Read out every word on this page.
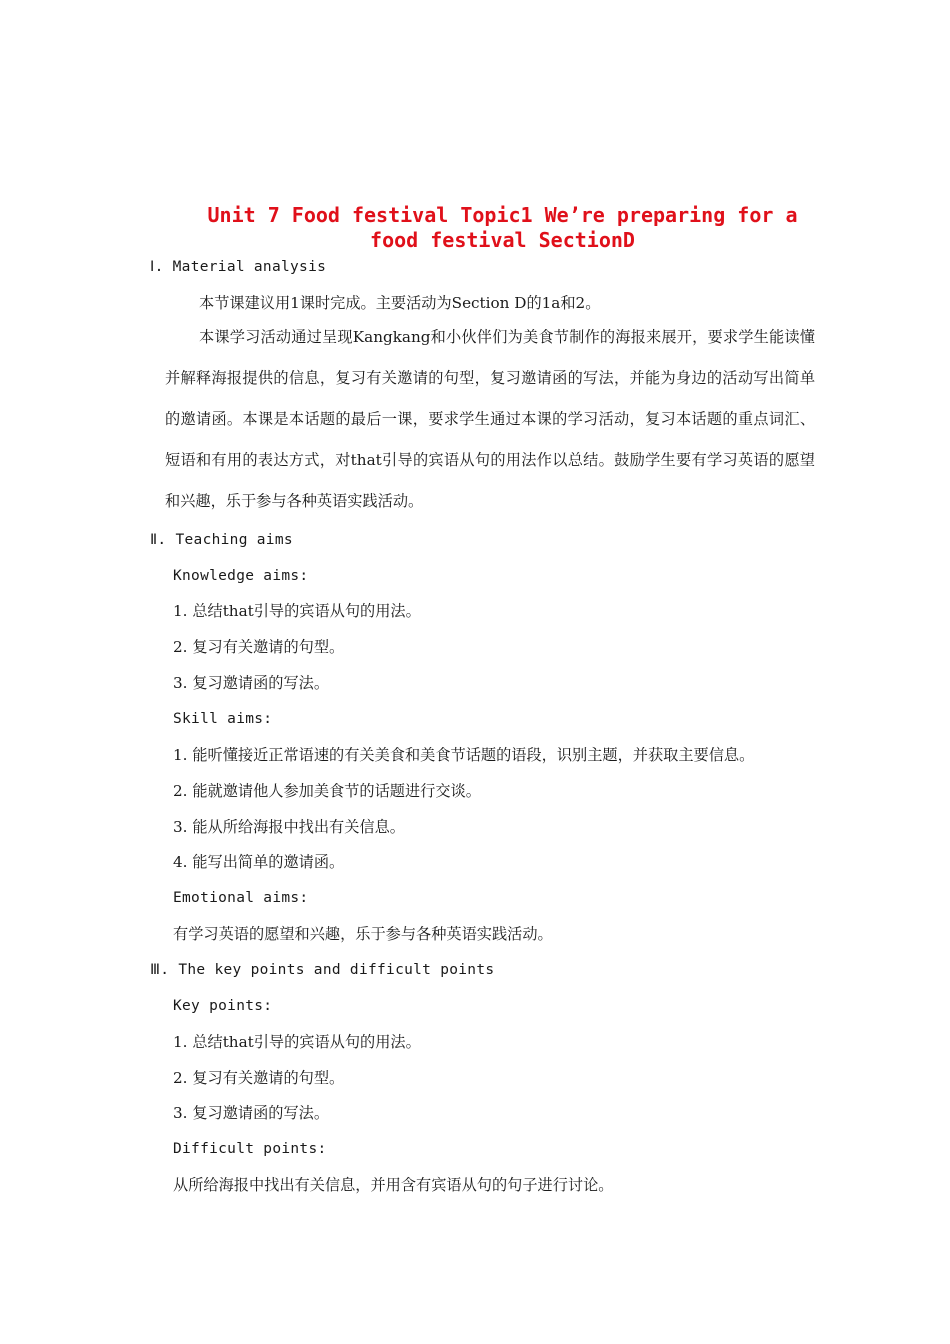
Unit 7 Food festival Topic1 We’re preparing for a
food festival SectionD
Ⅰ. Material analysis
本节课建议用1课时完成。主要活动为Section D的1a和2。
本课学习活动通过呈现Kangkang和小伙伴们为美食节制作的海报来展开，要求学生能读懂并解释海报提供的信息，复习有关邀请的句型，复习邀请函的写法，并能为身边的活动写出简单的邀请函。本课是本话题的最后一课，要求学生通过本课的学习活动，复习本话题的重点词汇、短语和有用的表达方式，对that引导的宾语从句的用法作以总结。鼓励学生要有学习英语的愿望和兴趣，乐于参与各种英语实践活动。
Ⅱ. Teaching aims
Knowledge aims:
1. 总结that引导的宾语从句的用法。
2. 复习有关邀请的句型。
3. 复习邀请函的写法。
Skill aims:
1. 能听懂接近正常语速的有关美食和美食节话题的语段，识别主题，并获取主要信息。
2. 能就邀请他人参加美食节的话题进行交谈。
3. 能从所给海报中找出有关信息。
4. 能写出简单的邀请函。
Emotional aims:
有学习英语的愿望和兴趣，乐于参与各种英语实践活动。
Ⅲ. The key points and difficult points
Key points:
1. 总结that引导的宾语从句的用法。
2. 复习有关邀请的句型。
3. 复习邀请函的写法。
Difficult points:
从所给海报中找出有关信息，并用含有宾语从句的句子进行讨论。
